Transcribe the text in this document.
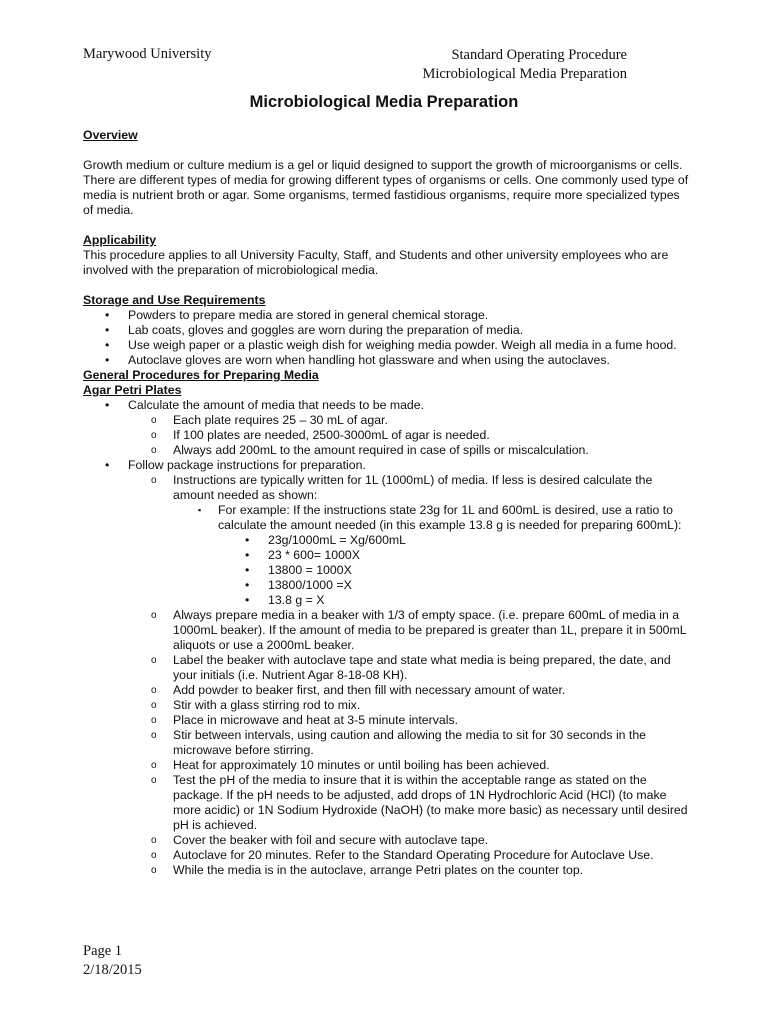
Marywood University	Standard Operating Procedure
Microbiological Media Preparation
Microbiological Media Preparation
Overview

Growth medium or culture medium is a gel or liquid designed to support the growth of microorganisms or cells. There are different types of media for growing different types of organisms or cells. One commonly used type of media is nutrient broth or agar. Some organisms, termed fastidious organisms, require more specialized types of media.

Applicability

This procedure applies to all University Faculty, Staff, and Students and other university employees who are involved with the preparation of microbiological media.

Storage and Use Requirements
• Powders to prepare media are stored in general chemical storage.
• Lab coats, gloves and goggles are worn during the preparation of media.
• Use weigh paper or a plastic weigh dish for weighing media powder. Weigh all media in a fume hood.
• Autoclave gloves are worn when handling hot glassware and when using the autoclaves.
General Procedures for Preparing Media
Agar Petri Plates
• Calculate the amount of media that needs to be made.
o Each plate requires 25 – 30 mL of agar.
o If 100 plates are needed, 2500-3000mL of agar is needed.
o Always add 200mL to the amount required in case of spills or miscalculation.
• Follow package instructions for preparation.
o Instructions are typically written for 1L (1000mL) of media. If less is desired calculate the amount needed as shown:
▪ For example: If the instructions state 23g for 1L and 600mL is desired, use a ratio to calculate the amount needed (in this example 13.8 g is needed for preparing 600mL):
• 23g/1000mL = Xg/600mL
• 23 * 600= 1000X
• 13800 = 1000X
• 13800/1000 =X
• 13.8 g = X
o Always prepare media in a beaker with 1/3 of empty space. (i.e. prepare 600mL of media in a 1000mL beaker). If the amount of media to be prepared is greater than 1L, prepare it in 500mL aliquots or use a 2000mL beaker.
o Label the beaker with autoclave tape and state what media is being prepared, the date, and your initials (i.e. Nutrient Agar 8-18-08 KH).
o Add powder to beaker first, and then fill with necessary amount of water.
o Stir with a glass stirring rod to mix.
o Place in microwave and heat at 3-5 minute intervals.
o Stir between intervals, using caution and allowing the media to sit for 30 seconds in the microwave before stirring.
o Heat for approximately 10 minutes or until boiling has been achieved.
o Test the pH of the media to insure that it is within the acceptable range as stated on the package. If the pH needs to be adjusted, add drops of 1N Hydrochloric Acid (HCl) (to make more acidic) or 1N Sodium Hydroxide (NaOH) (to make more basic) as necessary until desired pH is achieved.
o Cover the beaker with foil and secure with autoclave tape.
o Autoclave for 20 minutes. Refer to the Standard Operating Procedure for Autoclave Use.
o While the media is in the autoclave, arrange Petri plates on the counter top.
Page 1
2/18/2015
